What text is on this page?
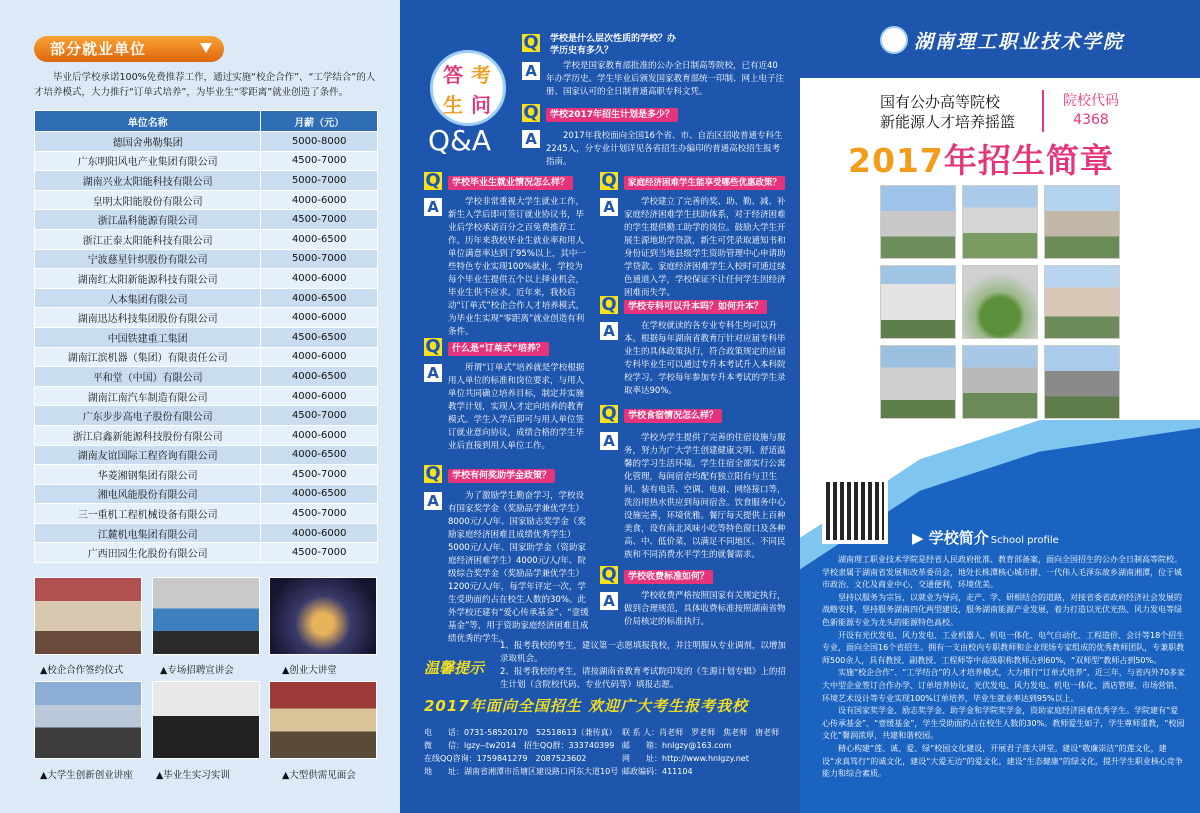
部分就业单位
毕业后学校承诺100%免费推荐工作，通过实施“校企合作”、“工学结合”的人才培养模式，大力推行“订单式培养”，为毕业生“零距离”就业创造了条件。
单位名称	月薪（元）
德国舍弗勒集团	5000-8000
广东明阳风电产业集团有限公司	4500-7000
湖南兴业太阳能科技有限公司	5000-7000
皇明太阳能股份有限公司	4000-6000
浙江晶科能源有限公司	4500-7000
浙江正泰太阳能科技有限公司	4000-6500
宁波慈星针织股份有限公司	5000-7000
湖南红太阳新能源科技有限公司	4000-6000
人本集团有限公司	4000-6500
湖南迅达科技集团股份有限公司	4000-6000
中国铁建重工集团	4500-6500
湖南江滨机器（集团）有限责任公司	4000-6000
平和堂（中国）有限公司	4000-6500
湖南江南汽车制造有限公司	4000-6000
广东步步高电子股份有限公司	4500-7000
浙江启鑫新能源科技股份有限公司	4000-6000
湖南友谊国际工程咨询有限公司	4000-6500
华菱湘钢集团有限公司	4500-7000
湘电风能股份有限公司	4000-6500
三一重机工程机械设备有限公司	4500-7000
江麓机电集团有限公司	4000-6000
广西田园生化股份有限公司	4500-7000
▲校企合作签约仪式	▲专场招聘宣讲会	▲创业大讲堂
▲大学生创新创业讲座 ▲毕业生实习实训	▲大型供需见面会
答 考
生 问
Q&A
Q	学校是什么层次性质的学校？办学历史有多久？
A	学校是国家教育部批准的公办全日制高等院校，已有近40年办学历史。学生毕业后颁发国家教育部统一印制、网上电子注册、国家认可的全日制普通高职专科文凭。
Q	学校2017年招生计划是多少？
A	2017年我校面向全国16个省、市、自治区招收普通专科生2245人，分专业计划详见各省招生办编印的普通高校招生报考指南。
Q	学校毕业生就业情况怎么样？
A	学校非常重视大学生就业工作，新生入学后即可签订就业协议书，毕业后学校承诺百分之百免费推荐工作。历年来我校毕业生就业率和用人单位满意率达到了95%以上，其中一些特色专业实现100%就业，学校为每个毕业生提供五个以上择业机会，毕业生供不应求。近年来，我校启动“订单式”校企合作人才培养模式，为毕业生实现“零距离”就业创造有利条件。
Q	家庭经济困难学生能享受哪些优惠政策？
A	学校建立了完善的奖、助、勤、减、补家庭经济困难学生扶助体系，对于经济困难的学生提供勤工助学的岗位。鼓励大学生开展生源地助学贷款，新生可凭录取通知书和身份证到当地县级学生资助管理中心申请助学贷款。家庭经济困难学生入校时可通过绿色通道入学，学校保证不让任何学生因经济困难而失学。
Q	学校专科可以升本吗？如何升本？
A	在学校就读的各专业专科生均可以升本。根据每年湖南省教育厅针对应届专科毕业生的具体政策执行，符合政策规定的应届专科毕业生可以通过专升本考试升入本科院校学习。学校每年参加专升本考试的学生录取率达90%。
Q	什么是“订单式”培养？
A	所谓“订单式”培养就是学校根据用人单位的标准和岗位要求，与用人单位共同确立培养目标，制定并实施教学计划，实现人才定向培养的教育模式。学生入学后即可与用人单位签订就业意向协议，成绩合格的学生毕业后直接到用人单位工作。
Q	学校食宿情况怎么样？
A	学校为学生提供了完善的住宿设施与服务，努力为广大学生创建健康文明、舒适温馨的学习生活环境。学生住宿全部实行公寓化管理，每间宿舍均配有独立阳台与卫生间，装有电话、空调、电扇、网络接口等，洗浴用热水供应到每间宿舍。饮食服务中心设施完善，环境优雅。餐厅每天提供上百种美食，设有南北风味小吃等特色窗口及各种高、中、低价菜，以满足不同地区、不同民族和不同消费水平学生的就餐需求。
Q	学校有何奖助学金政策？
A	为了激励学生勤奋学习，学校设有国家奖学金（奖励品学兼优学生）8000元/人/年、国家励志奖学金（奖励家庭经济困难且成绩优秀学生）5000元/人/年、国家助学金（资助家庭经济困难学生）4000元/人/年、院级综合奖学金（奖励品学兼优学生）1200元/人/年，每学年评定一次，学生受助面约占在校生人数的30%。此外学校还建有“爱心传承基金”、“壹缓基金”等，用于资助家庭经济困难且成绩优秀的学生。
Q	学校收费标准如何？
A	学校收费严格按照国家有关规定执行，做到合理规范，具体收费标准按照湖南省物价局核定的标准执行。
温馨提示
1、报考我校的考生，建议第一志愿填报我校，并注明服从专业调剂，以增加录取机会。
2、报考我校的考生，请按湖南省教育考试院印发的《生源计划专辑》上的招生计划（含院校代码、专业代码等）填报志愿。
2017年面向全国招生 欢迎广大考生报考我校
电　　话：0731-58520170　52518613（兼传真）
微　　信：lgzy--tw2014　招生QQ群：333740399
在线QQ咨询：1759841279　2087523602
地　　址：湖南省湘潭市岳塘区建设路口河东大道10号
联 系 人：肖老师　罗老师　焦老师　唐老师
邮　　箱：hnlgzy@163.com
网　　址：http://www.hnlgzy.net
邮政编码：411104
湖南理工职业技术学院
国有公办高等院校
新能源人才培养摇篮
院校代码
4368
2017年招生简章
▶ 学校简介 School profile

湖南理工职业技术学院是经省人民政府批准、教育部备案，面向全国招生的公办全日制高等院校。学校隶属于湖南省发展和改革委员会，地处长株潭核心城市群、一代伟人毛泽东故乡湖南湘潭，位于城市政治、文化及商业中心，交通便利，环境优美。

坚持以服务为宗旨，以就业为导向，走产、学、研相结合的道路，对接省委省政府经济社会发展的战略安排，坚持服务湖南四化两型建设，服务湖南能源产业发展，着力打造以光伏光热、风力发电等绿色新能源专业为龙头的能源特色高校。

开设有光伏发电、风力发电、工业机器人、机电一体化、电气自动化、工程造价、会计等18个招生专业，面向全国16个省招生。拥有一支由校内专职教师和企业现场专家组成的优秀教师团队，专兼职教师500余人，具有教授、副教授、工程师等中高级职称教师占到60%，“双师型”教师占到50%。

实施“校企合作”、“工学结合”的人才培养模式，大力推行“订单式培养”，近三年，与省内外70多家大中型企业签订合作办学、订单培养协议，光伏发电、风力发电、机电一体化、酒店管理、市场营销、环境艺术设计等专业实现100%订单培养，毕业生就业率达到95%以上。

设有国家奖学金、励志奖学金、助学金和学院奖学金，资助家庭经济困难优秀学生。学院建有“爱心传承基金”、“壹缓基金”，学生受助面约占在校生人数的30%。教师爱生如子，学生尊师重教，“校园文化”馨润浓厚，共建和谐校园。

精心构建“莲、诚、爱、绿”校园文化建设，开展君子莲大讲堂。建设“敬廉崇洁”的莲文化，建设“求真笃行”的诚文化，建设“大爱无边”的爱文化，建设“生态健康”的绿文化，提升学生职业核心竞争能力和综合素质。
